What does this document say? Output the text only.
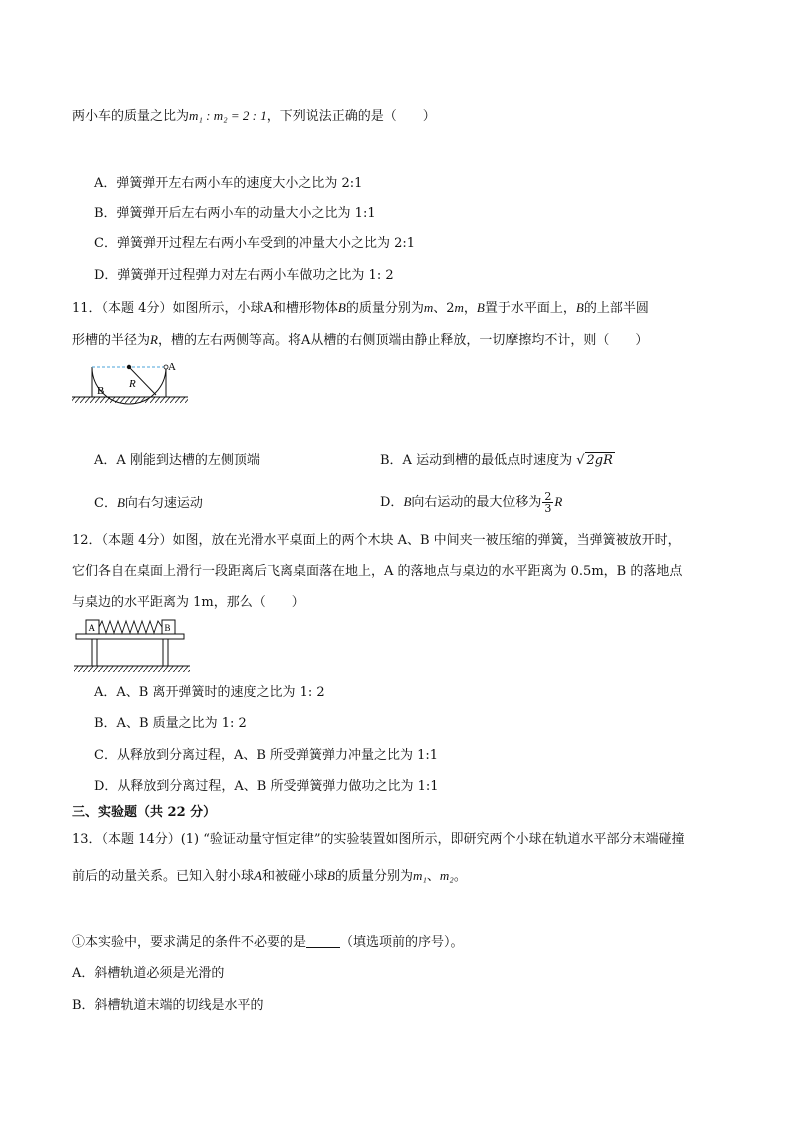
两小车的质量之比为m₁ : m₂ = 2 : 1，下列说法正确的是（　　）
A．弹簧弹开左右两小车的速度大小之比为 2:1
B．弹簧弹开后左右两小车的动量大小之比为 1:1
C．弹簧弹开过程左右两小车受到的冲量大小之比为 2:1
D．弹簧弹开过程弹力对左右两小车做功之比为 1: 2
11．（本题 4分）如图所示，小球A和槽形物体B的质量分别为m、2m，B置于水平面上，B的上部半圆
形槽的半径为R，槽的左右两侧等高。将A从槽的右侧顶端由静止释放，一切摩擦均不计，则（　　）
A
R
B
A．A 刚能到达槽的左侧顶端	B．A 运动到槽的最低点时速度为 √ 2gR
C．B向右匀速运动	D．B向右运动的最大位移为 $\frac{2}{3}$ R
12．（本题 4分）如图，放在光滑水平桌面上的两个木块 A、B 中间夹一被压缩的弹簧，当弹簧被放开时，
它们各自在桌面上滑行一段距离后飞离桌面落在地上，A 的落地点与桌边的水平距离为 0.5m，B 的落地点
与桌边的水平距离为 1m，那么（　　）
A	B
A．A、B 离开弹簧时的速度之比为 1: 2
B．A、B 质量之比为 1: 2
C．从释放到分离过程，A、B 所受弹簧弹力冲量之比为 1:1
D．从释放到分离过程，A、B 所受弹簧弹力做功之比为 1:1
三、实验题（共 22 分）
13．（本题 14分）(1) “验证动量守恒定律”的实验装置如图所示，即研究两个小球在轨道水平部分末端碰撞
前后的动量关系。已知入射小球A和被碰小球B的质量分别为m₁、m₂。
①本实验中，要求满足的条件不必要的是	（填选项前的序号）。
A．斜槽轨道必须是光滑的
B．斜槽轨道末端的切线是水平的
